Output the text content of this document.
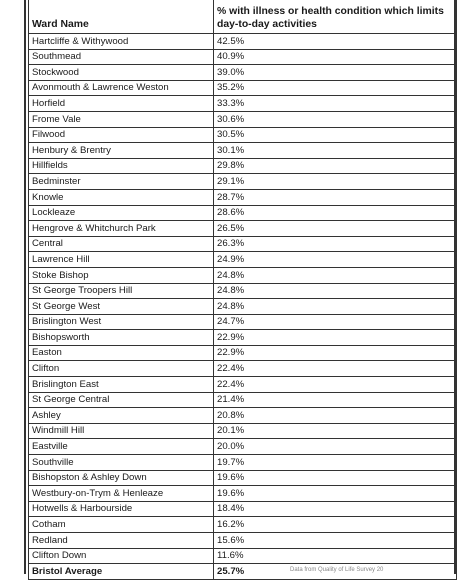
Ward Name	% with illness or health condition which limits day-to-day activities
Hartcliffe & Withywood	42.5%
Southmead	40.9%
Stockwood	39.0%
Avonmouth & Lawrence Weston	35.2%
Horfield	33.3%
Frome Vale	30.6%
Filwood	30.5%
Henbury & Brentry	30.1%
Hillfields	29.8%
Bedminster	29.1%
Knowle	28.7%
Lockleaze	28.6%
Hengrove & Whitchurch Park	26.5%
Central	26.3%
Lawrence Hill	24.9%
Stoke Bishop	24.8%
St George Troopers Hill	24.8%
St George West	24.8%
Brislington West	24.7%
Bishopsworth	22.9%
Easton	22.9%
Clifton	22.4%
Brislington East	22.4%
St George Central	21.4%
Ashley	20.8%
Windmill Hill	20.1%
Eastville	20.0%
Southville	19.7%
Bishopston & Ashley Down	19.6%
Westbury-on-Trym & Henleaze	19.6%
Hotwells & Harbourside	18.4%
Cotham	16.2%
Redland	15.6%
Clifton Down	11.6%
Bristol Average	25.7%	Data from Quality of Life Survey 20
